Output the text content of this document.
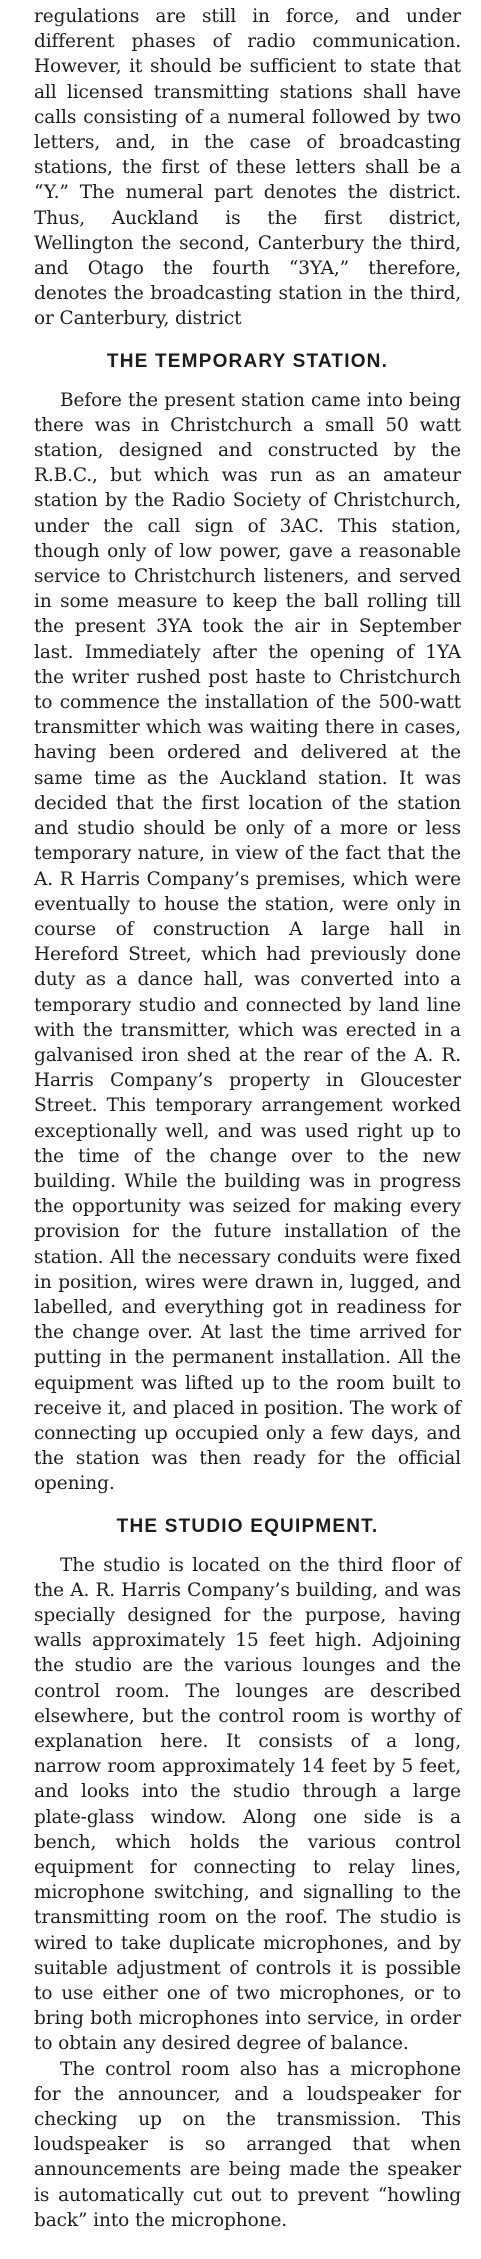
regulations are still in force, and under different phases of radio communication. However, it should be sufficient to state that all licensed transmitting stations shall have calls consisting of a numeral followed by two letters, and, in the case of broadcasting stations, the first of these letters shall be a “Y.” The numeral part denotes the district. Thus, Auckland is the first district, Wellington the second, Canterbury the third, and Otago the fourth “3YA,” therefore, denotes the broadcasting station in the third, or Canterbury, district

THE TEMPORARY STATION.

Before the present station came into being there was in Christchurch a small 50 watt station, designed and constructed by the R.B.C., but which was run as an amateur station by the Radio Society of Christchurch, under the call sign of 3AC. This station, though only of low power, gave a reasonable service to Christchurch listeners, and served in some measure to keep the ball rolling till the present 3YA took the air in September last. Immediately after the opening of 1YA the writer rushed post haste to Christchurch to commence the installation of the 500-watt transmitter which was waiting there in cases, having been ordered and delivered at the same time as the Auckland station. It was decided that the first location of the station and studio should be only of a more or less temporary nature, in view of the fact that the A. R Harris Company’s premises, which were eventually to house the station, were only in course of construction A large hall in Hereford Street, which had previously done duty as a dance hall, was converted into a temporary studio and connected by land line with the transmitter, which was erected in a galvanised iron shed at the rear of the A. R. Harris Company’s property in Gloucester Street. This temporary arrangement worked exceptionally well, and was used right up to the time of the change over to the new building. While the building was in progress the opportunity was seized for making every provision for the future installation of the station. All the necessary conduits were fixed in position, wires were drawn in, lugged, and labelled, and everything got in readiness for the change over. At last the time arrived for putting in the permanent installation. All the equipment was lifted up to the room built to receive it, and placed in position. The work of connecting up occupied only a few days, and the station was then ready for the official opening.

THE STUDIO EQUIPMENT.

The studio is located on the third floor of the A. R. Harris Company’s building, and was specially designed for the purpose, having walls approximately 15 feet high. Adjoining the studio are the various lounges and the control room. The lounges are described elsewhere, but the control room is worthy of explanation here. It consists of a long, narrow room approximately 14 feet by 5 feet, and looks into the studio through a large plate-glass window. Along one side is a bench, which holds the various control equipment for connecting to relay lines, microphone switching, and signalling to the transmitting room on the roof. The studio is wired to take duplicate microphones, and by suitable adjustment of controls it is possible to use either one of two microphones, or to bring both microphones into service, in order to obtain any desired degree of balance.

The control room also has a microphone for the announcer, and a loudspeaker for checking up on the transmission. This loudspeaker is so arranged that when announcements are being made the speaker is automatically cut out to prevent “howling back” into the microphone.
